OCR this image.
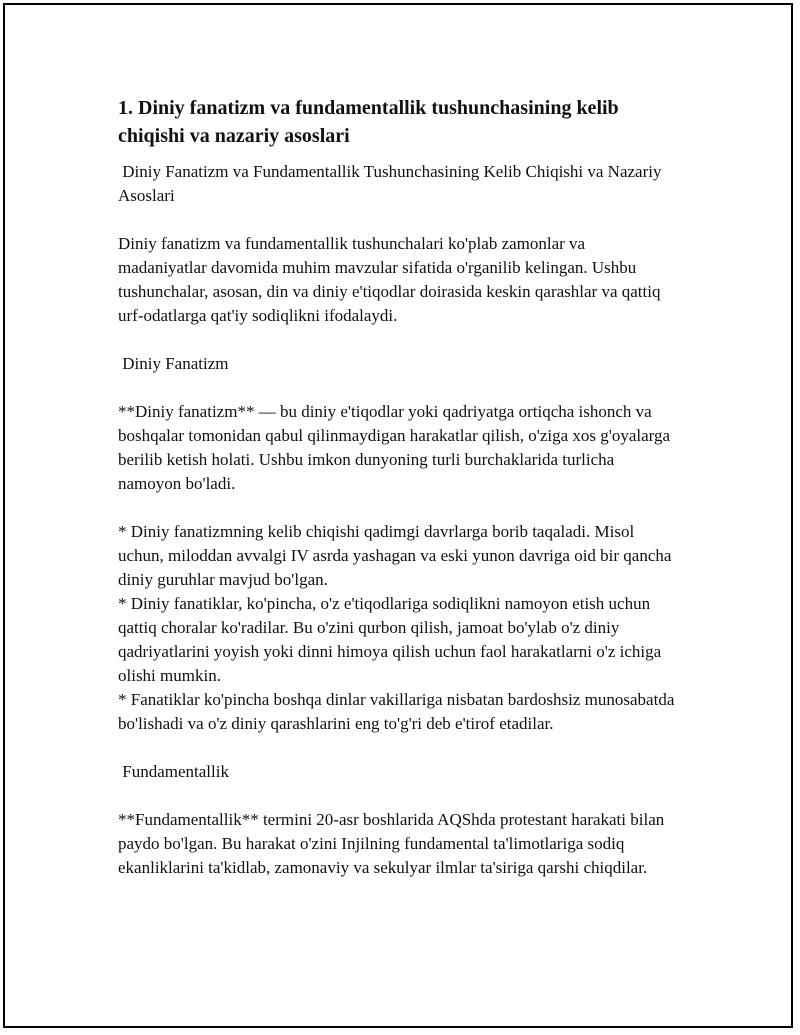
1. Diniy fanatizm va fundamentallik tushunchasining kelib chiqishi va nazariy asoslari

Diniy Fanatizm va Fundamentallik Tushunchasining Kelib Chiqishi va Nazariy Asoslari

Diniy fanatizm va fundamentallik tushunchalari ko'plab zamonlar va madaniyatlar davomida muhim mavzular sifatida o'rganilib kelingan. Ushbu tushunchalar, asosan, din va diniy e'tiqodlar doirasida keskin qarashlar va qattiq urf-odatlarga qat'iy sodiqlikni ifodalaydi.

Diniy Fanatizm

**Diniy fanatizm** — bu diniy e'tiqodlar yoki qadriyatga ortiqcha ishonch va boshqalar tomonidan qabul qilinmaydigan harakatlar qilish, o'ziga xos g'oyalarga berilib ketish holati. Ushbu imkon dunyoning turli burchaklarida turlicha namoyon bo'ladi.

* Diniy fanatizmning kelib chiqishi qadimgi davrlarga borib taqaladi. Misol uchun, miloddan avvalgi IV asrda yashagan va eski yunon davriga oid bir qancha diniy guruhlar mavjud bo'lgan.

* Diniy fanatiklar, ko'pincha, o'z e'tiqodlariga sodiqlikni namoyon etish uchun qattiq choralar ko'radilar. Bu o'zini qurbon qilish, jamoat bo'ylab o'z diniy qadriyatlarini yoyish yoki dinni himoya qilish uchun faol harakatlarni o'z ichiga olishi mumkin.

* Fanatiklar ko'pincha boshqa dinlar vakillariga nisbatan bardoshsiz munosabatda bo'lishadi va o'z diniy qarashlarini eng to'g'ri deb e'tirof etadilar.

Fundamentallik

**Fundamentallik** termini 20-asr boshlarida AQShda protestant harakati bilan paydo bo'lgan. Bu harakat o'zini Injilning fundamental ta'limotlariga sodiq ekanliklarini ta'kidlab, zamonaviy va sekulyar ilmlar ta'siriga qarshi chiqdilar.
